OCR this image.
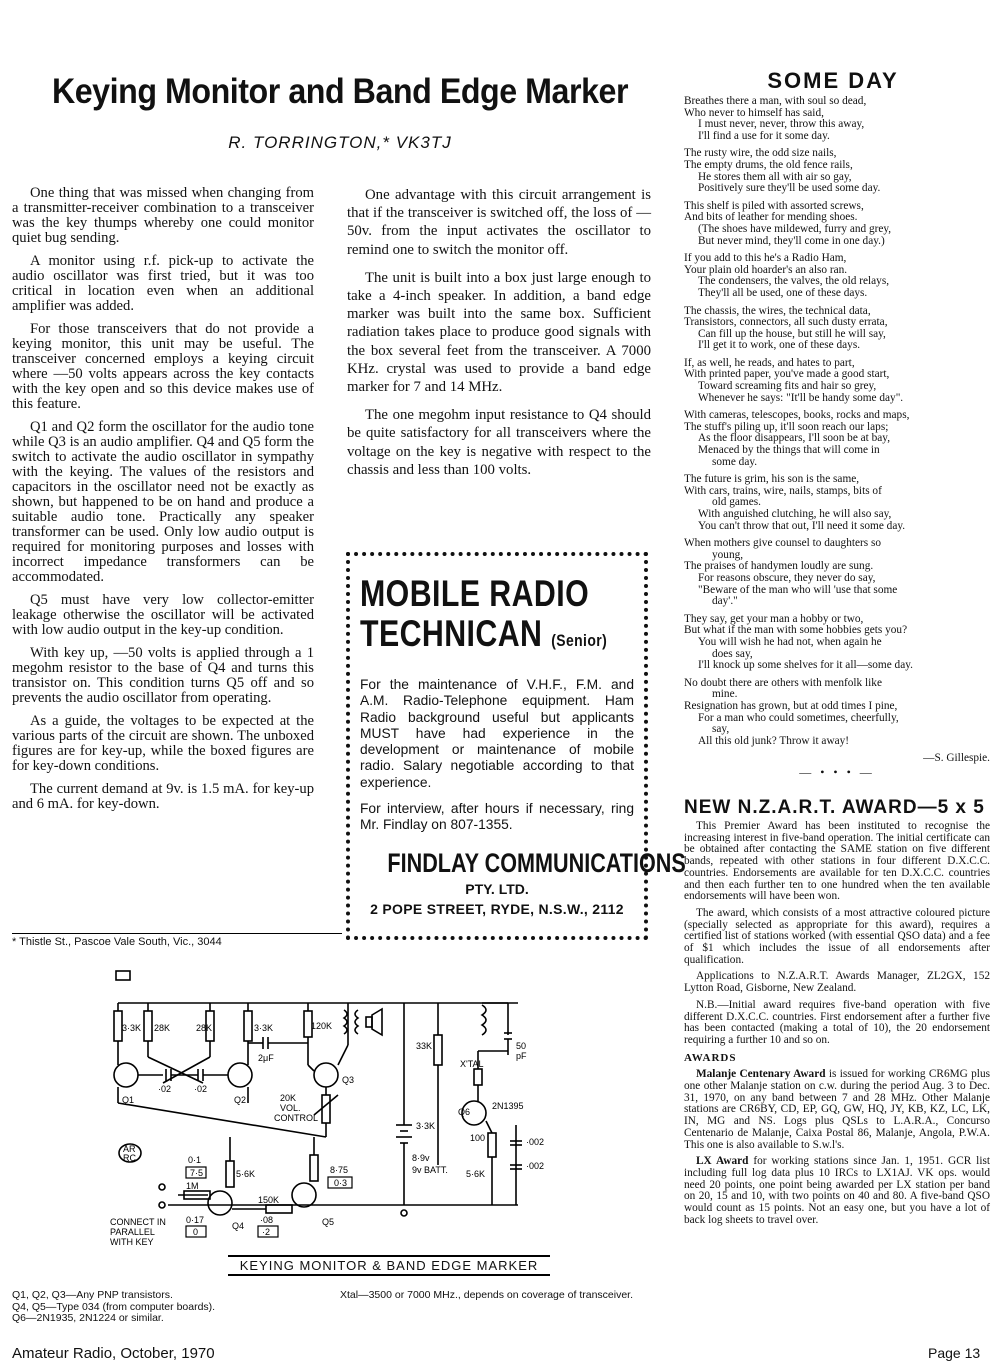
Keying Monitor and Band Edge Marker
R. TORRINGTON,* VK3TJ

One thing that was missed when changing from a transmitter-receiver combination to a transceiver was the key thumps whereby one could monitor quiet bug sending.

A monitor using r.f. pick-up to activate the audio oscillator was first tried, but it was too critical in location even when an additional amplifier was added.

For those transceivers that do not provide a keying monitor, this unit may be useful. The transceiver concerned employs a keying circuit where —50 volts appears across the key contacts with the key open and so this device makes use of this feature.

Q1 and Q2 form the oscillator for the audio tone while Q3 is an audio amplifier. Q4 and Q5 form the switch to activate the audio oscillator in sympathy with the keying. The values of the resistors and capacitors in the oscillator need not be exactly as shown, but happened to be on hand and produce a suitable audio tone. Practically any speaker transformer can be used. Only low audio output is required for monitoring purposes and losses with incorrect impedance transformers can be accommodated.

Q5 must have very low collector-emitter leakage otherwise the oscillator will be activated with low audio output in the key-up condition.

With key up, —50 volts is applied through a 1 megohm resistor to the base of Q4 and turns this transistor on. This condition turns Q5 off and so prevents the audio oscillator from operating.

As a guide, the voltages to be expected at the various parts of the circuit are shown. The unboxed figures are for key-up, while the boxed figures are for key-down conditions.

The current demand at 9v. is 1.5 mA. for key-up and 6 mA. for key-down.

One advantage with this circuit arrangement is that if the transceiver is switched off, the loss of —50v. from the input activates the oscillator to remind one to switch the monitor off.

The unit is built into a box just large enough to take a 4-inch speaker. In addition, a band edge marker was built into the same box. Sufficient radiation takes place to produce good signals with the box several feet from the transceiver. A 7000 KHz. crystal was used to provide a band edge marker for 7 and 14 MHz.

The one megohm input resistance to Q4 should be quite satisfactory for all transceivers where the voltage on the key is negative with respect to the chassis and less than 100 volts.

* Thistle St., Pascoe Vale South, Vic., 3044
MOBILE RADIO
TECHNICAN (Senior)
For the maintenance of V.H.F., F.M. and A.M. Radio-Telephone equipment. Ham Radio background useful but applicants MUST have had experience in the development or maintenance of mobile radio. Salary negotiable according to that experience.
For interview, after hours if necessary, ring Mr. Findlay on 807-1355.
FINDLAY COMMUNICATIONS
PTY. LTD.
2 POPE STREET, RYDE, N.S.W., 2112
SOME DAY
Breathes there a man, with soul so dead,
Who never to himself has said,
I must never, never, throw this away,
I'll find a use for it some day.
The rusty wire, the odd size nails,
The empty drums, the old fence rails,
He stores them all with air so gay,
Positively sure they'll be used some day.
This shelf is piled with assorted screws,
And bits of leather for mending shoes.
(The shoes have mildewed, furry and grey,
But never mind, they'll come in one day.)
If you add to this he's a Radio Ham,
Your plain old hoarder's an also ran.
The condensers, the valves, the old relays,
They'll all be used, one of these days.
The chassis, the wires, the technical data,
Transistors, connectors, all such dusty errata,
Can fill up the house, but still he will say,
I'll get it to work, one of these days.
If, as well, he reads, and hates to part,
With printed paper, you've made a good start,
Toward screaming fits and hair so grey,
Whenever he says: "It'll be handy some day".
With cameras, telescopes, books, rocks and maps,
The stuff's piling up, it'll soon reach our laps;
As the floor disappears, I'll soon be at bay,
Menaced by the things that will come in
some day.
The future is grim, his son is the same,
With cars, trains, wire, nails, stamps, bits of
old games.
With anguished clutching, he will also say,
You can't throw that out, I'll need it some day.
When mothers give counsel to daughters so
young,
The praises of handymen loudly are sung.
For reasons obscure, they never do say,
"Beware of the man who will 'use that some
day'."
They say, get your man a hobby or two,
But what if the man with some hobbies gets you?
You will wish he had not, when again he
does say,
I'll knock up some shelves for it all—some day.
No doubt there are others with menfolk like
mine.
Resignation has grown, but at odd times I pine,
For a man who could sometimes, cheerfully,
say,
All this old junk? Throw it away!
—S. Gillespie.
— • • • —
NEW N.Z.A.R.T. AWARD—5 x 5

This Premier Award has been instituted to recognise the increasing interest in five-band operation. The initial certificate can be obtained after contacting the SAME station on five different bands, repeated with other stations in four different D.X.C.C. countries. Endorsements are available for ten D.X.C.C. countries and then each further ten to one hundred when the ten available endorsements will have been won.

The award, which consists of a most attractive coloured picture (specially selected as appropriate for this award), requires a certified list of stations worked (with essential QSO data) and a fee of $1 which includes the issue of all endorsements after qualification.

Applications to N.Z.A.R.T. Awards Manager, ZL2GX, 152 Lytton Road, Gisborne, New Zealand.

N.B.—Initial award requires five-band operation with five different D.X.C.C. countries. First endorsement after a further five has been contacted (making a total of 10), the 20 endorsement requiring a further 10 and so on.

AWARDS

Malanje Centenary Award is issued for working CR6MG plus one other Malanje station on c.w. during the period Aug. 3 to Dec. 31, 1970, on any band between 7 and 28 MHz. Other Malanje stations are CR6BY, CD, EP, GQ, GW, HQ, JY, KB, KZ, LC, LK, IN, MG and NS. Logs plus QSLs to L.A.R.A., Concurso Centenario de Malanje, Caixa Postal 86, Malanje, Angola, P.W.A. This one is also available to S.w.l's.

LX Award for working stations since Jan. 1, 1951. GCR list including full log data plus 10 IRCs to LX1AJ. VK ops. would need 20 points, one point being awarded per LX station per band on 20, 15 and 10, with two points on 40 and 80. A five-band QSO would count as 15 points. Not an easy one, but you have a lot of back log sheets to travel over.

INDICATES VOLTAGE WITH KEY
DOWN. ALL VOLTAGES RELATIVE TO
POSITIVE SIDE OF BATTERY.
SLUG TUNED COIL TO
SUIT XTAL FREQUENCY
3·3K 28K	28K	3·3K	120K
·02	·02
2μF
Q1	Q2
Q3
20K
VOL.
CONTROL
33K
X'TAL
50
pF
Q6
2N1395
3·3K
100	·002
·002
5·6K
0·1
7·5	5·6K	8·75
0·3
1M
150K
0·17
0
·08
·2
Q4	Q5
8·9v
9v BATT.
CONNECT IN
PARALLEL
WITH KEY
AR
RC
KEYING MONITOR & BAND EDGE MARKER
Q1, Q2, Q3—Any PNP transistors.
Q4, Q5—Type 034 (from computer boards).
Q6—2N1935, 2N1224 or similar.
Xtal—3500 or 7000 MHz., depends on coverage of transceiver.
Amateur Radio, October, 1970	Page 13
